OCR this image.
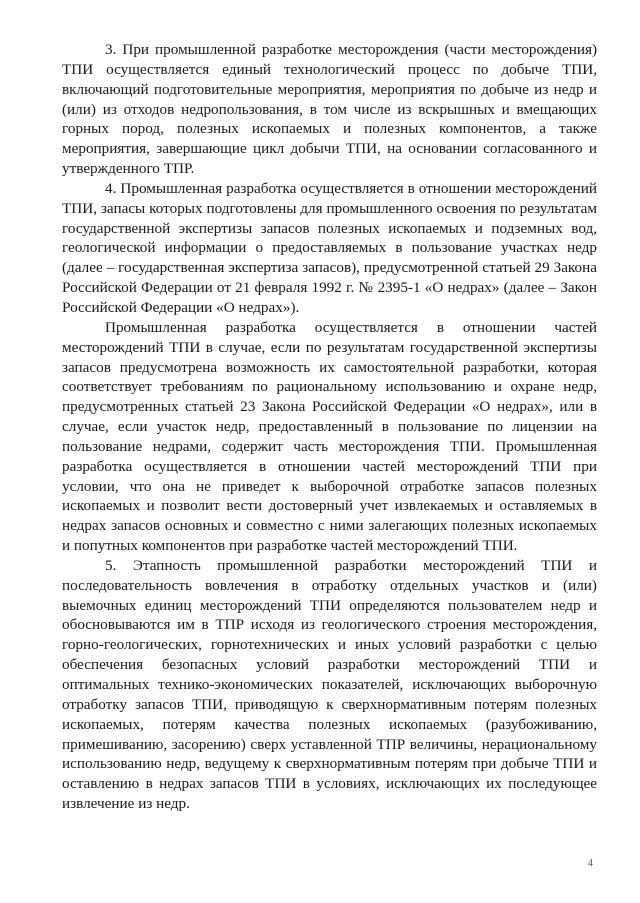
3. При промышленной разработке месторождения (части месторождения) ТПИ осуществляется единый технологический процесс по добыче ТПИ, включающий подготовительные мероприятия, мероприятия по добыче из недр и (или) из отходов недропользования, в том числе из вскрышных и вмещающих горных пород, полезных ископаемых и полезных компонентов, а также мероприятия, завершающие цикл добычи ТПИ, на основании согласованного и утвержденного ТПР.

4. Промышленная разработка осуществляется в отношении месторождений ТПИ, запасы которых подготовлены для промышленного освоения по результатам государственной экспертизы запасов полезных ископаемых и подземных вод, геологической информации о предоставляемых в пользование участках недр (далее – государственная экспертиза запасов), предусмотренной статьей 29 Закона Российской Федерации от 21 февраля 1992 г. № 2395-1 «О недрах» (далее – Закон Российской Федерации «О недрах»).

Промышленная разработка осуществляется в отношении частей месторождений ТПИ в случае, если по результатам государственной экспертизы запасов предусмотрена возможность их самостоятельной разработки, которая соответствует требованиям по рациональному использованию и охране недр, предусмотренных статьей 23 Закона Российской Федерации «О недрах», или в случае, если участок недр, предоставленный в пользование по лицензии на пользование недрами, содержит часть месторождения ТПИ. Промышленная разработка осуществляется в отношении частей месторождений ТПИ при условии, что она не приведет к выборочной отработке запасов полезных ископаемых и позволит вести достоверный учет извлекаемых и оставляемых в недрах запасов основных и совместно с ними залегающих полезных ископаемых и попутных компонентов при разработке частей месторождений ТПИ.

5. Этапность промышленной разработки месторождений ТПИ и последовательность вовлечения в отработку отдельных участков и (или) выемочных единиц месторождений ТПИ определяются пользователем недр и обосновываются им в ТПР исходя из геологического строения месторождения, горно-геологических, горнотехнических и иных условий разработки с целью обеспечения безопасных условий разработки месторождений ТПИ и оптимальных технико-экономических показателей, исключающих выборочную отработку запасов ТПИ, приводящую к сверхнормативным потерям полезных ископаемых, потерям качества полезных ископаемых (разубоживанию, примешиванию, засорению) сверх уставленной ТПР величины, нерациональному использованию недр, ведущему к сверхнормативным потерям при добыче ТПИ и оставлению в недрах запасов ТПИ в условиях, исключающих их последующее извлечение из недр.

4
